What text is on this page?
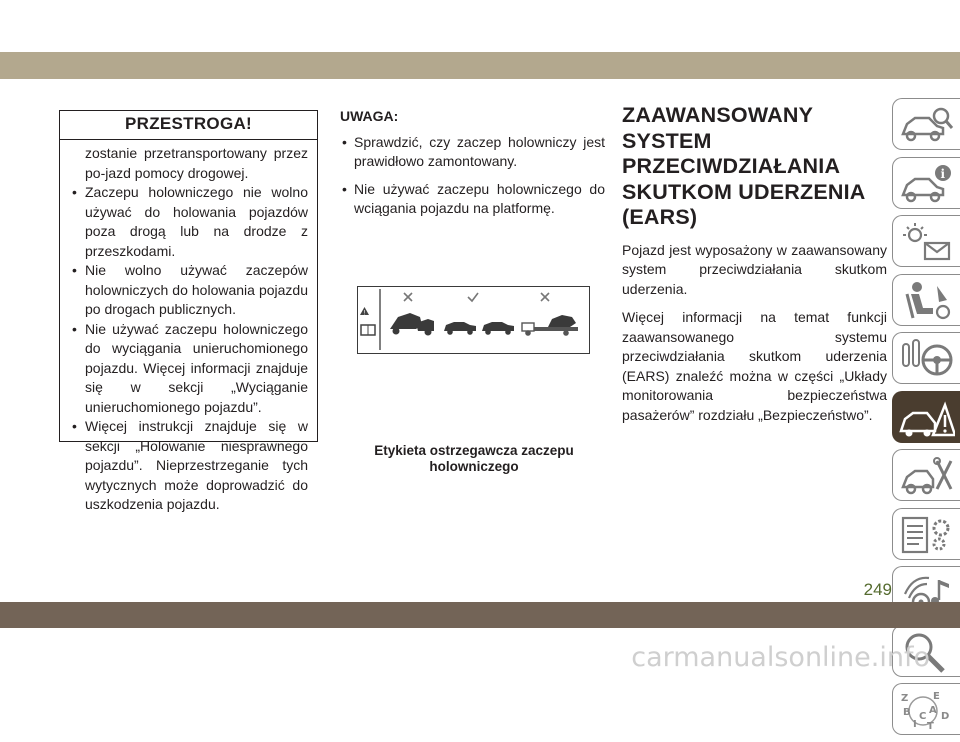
PRZESTROGA!

zostanie przetransportowany przez po-jazd pomocy drogowej.

• Zaczepu holowniczego nie wolno używać do holowania pojazdów poza drogą lub na drodze z przeszkodami.
• Nie wolno używać zaczepów holowniczych do holowania pojazdu po drogach publicznych.
• Nie używać zaczepu holowniczego do wyciągania unieruchomionego pojazdu. Więcej informacji znajduje się w sekcji „Wyciąganie unieruchomionego pojazdu”.
• Więcej instrukcji znajduje się w sekcji „Holowanie niesprawnego pojazdu”. Nieprzestrzeganie tych wytycznych może doprowadzić do uszkodzenia pojazdu.
UWAGA:
• Sprawdzić, czy zaczep holowniczy jest prawidłowo zamontowany.
• Nie używać zaczepu holowniczego do wciągania pojazdu na platformę.
!
Etykieta ostrzegawcza zaczepu holowniczego
ZAAWANSOWANY SYSTEM PRZECIWDZIAŁANIA SKUTKOM UDERZENIA (EARS)

Pojazd jest wyposażony w zaawansowany system przeciwdziałania skutkom uderzenia.

Więcej informacji na temat funkcji zaawansowanego systemu przeciwdziałania skutkom uderzenia (EARS) znaleźć można w części „Układy monitorowania bezpieczeństwa pasażerów” rozdziału „Bezpieczeństwo”.

i
Z E
B A
D
I
C
T
249
carmanualsonline.info
